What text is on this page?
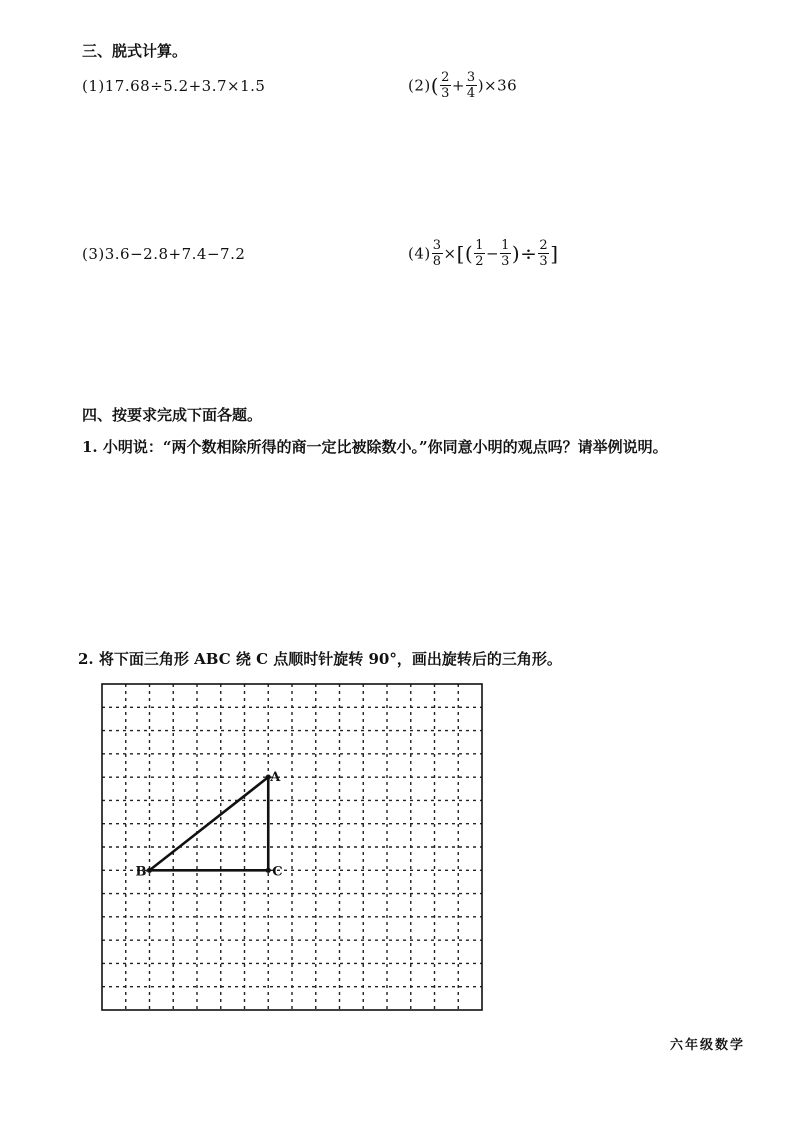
三、脱式计算。
(1)17.68÷5.2+3.7×1.5	$(2)( \frac{2}{3} + \frac{3}{4} )\times 36$
(3)3.6−2.8+7.4−7.2	$(4) \frac{3}{8}$ ×[( $\frac{1}{2} - \frac{1}{3}$ )÷ $\frac{2}{3}$ ]
四、按要求完成下面各题。
1. 小明说：“两个数相除所得的商一定比被除数小。”你同意小明的观点吗？请举例说明。
2. 将下面三角形 ABC 绕 C 点顺时针旋转 90°，画出旋转后的三角形。
A
B	C
六年级数学
